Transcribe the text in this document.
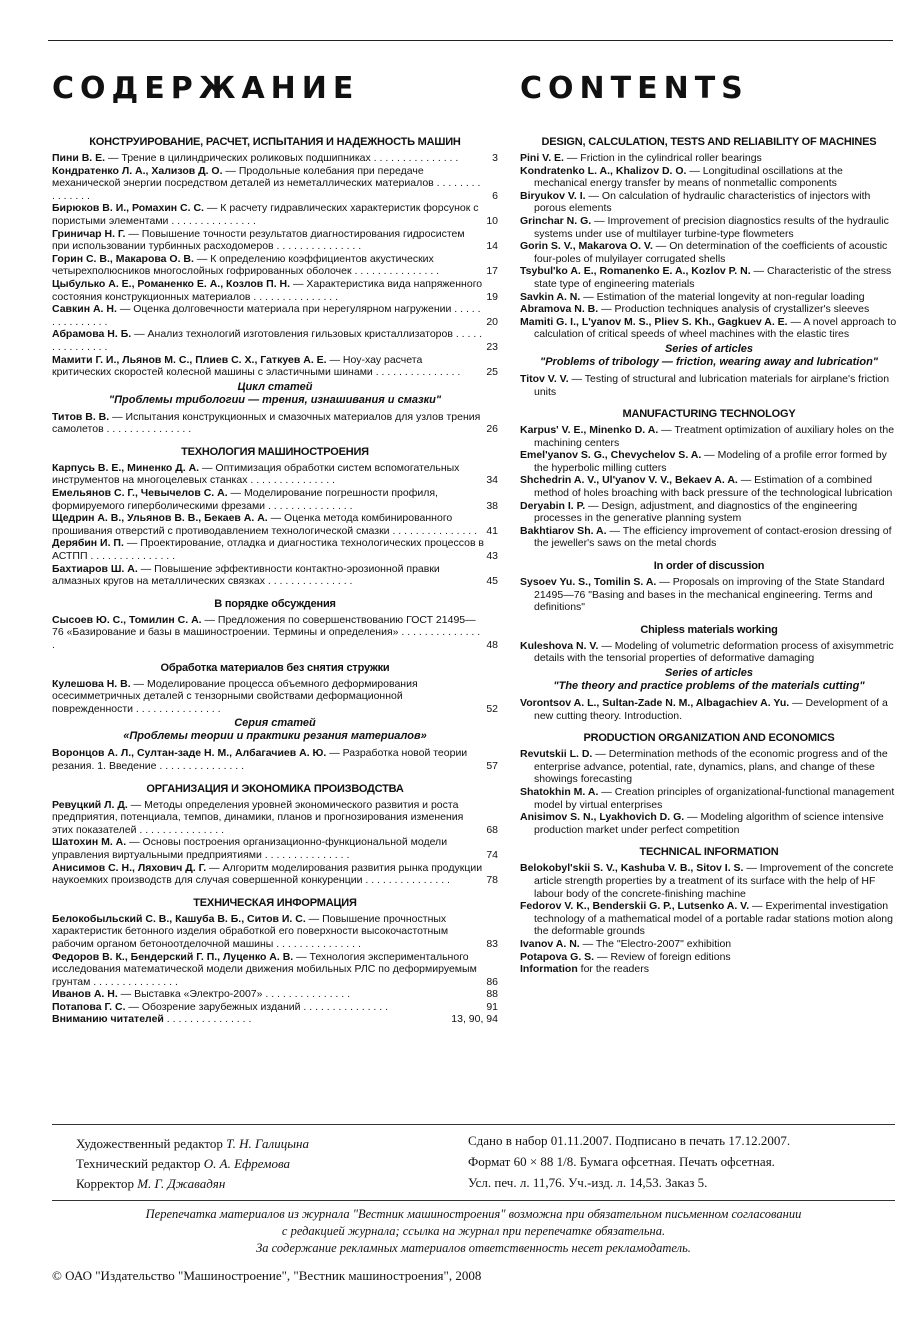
СОДЕРЖАНИЕ
КОНСТРУИРОВАНИЕ, РАСЧЕТ, ИСПЫТАНИЯ И НАДЕЖНОСТЬ МАШИН
Пини В. Е. — Трение в цилиндрических роликовых подшипниках . . . . . . . . . . . . . . .	3
Кондратенко Л. А., Хализов Д. О. — Продольные колебания при передаче механической энергии посредством деталей из неметаллических материалов . . . . . . . . . . . . . . .	6
Бирюков В. И., Ромахин С. С. — К расчету гидравлических характеристик форсунок с пористыми элементами . . . . . . . . . . . . . . .	10
Гриничар Н. Г. — Повышение точности результатов диагностирования гидросистем при использовании турбинных расходомеров . . . . . . . . . . . . . . .	14
Горин С. В., Макарова О. В. — К определению коэффициентов акустических четырехполюсников многослойных гофрированных оболочек . . . . . . . . . . . . . . .	17
Цыбулько А. Е., Романенко Е. А., Козлов П. Н. — Характеристика вида напряженного состояния конструкционных материалов . . . . . . . . . . . . . . .	19
Савкин А. Н. — Оценка долговечности материала при нерегулярном нагружении . . . . . . . . . . . . . . .	20
Абрамова Н. Б. — Анализ технологий изготовления гильзовых кристаллизаторов . . . . . . . . . . . . . . .	23
Мамити Г. И., Льянов М. С., Плиев С. Х., Гаткуев А. Е. — Ноу-хау расчета критических скоростей колесной машины с эластичными шинами . . . . . . . . . . . . . . . 25
Цикл статей
"Проблемы трибологии — трения, изнашивания и смазки"
Титов В. В. — Испытания конструкционных и смазочных материалов для узлов трения самолетов . . . . . . . . . . . . . . .	26
ТЕХНОЛОГИЯ МАШИНОСТРОЕНИЯ
Карпусь В. Е., Миненко Д. А. — Оптимизация обработки систем вспомогательных инструментов на многоцелевых станках . . . . . . . . . . . . . . .	34
Емельянов С. Г., Чевычелов С. А. — Моделирование погрешности профиля, формируемого гиперболическими фрезами . . . . . . . . . . . . . . .	38
Щедрин А. В., Ульянов В. В., Бекаев А. А. — Оценка метода комбинированного прошивания отверстий с противодавлением технологической смазки . . . . . . . . . . . . . . . 41
Дерябин И. П. — Проектирование, отладка и диагностика технологических процессов в АСТПП . . . . . . . . . . . . . . .	43
Бахтиаров Ш. А. — Повышение эффективности контактно-эрозионной правки алмазных кругов на металлических связках . . . . . . . . . . . . . . .	45
В порядке обсуждения
Сысоев Ю. С., Томилин С. А. — Предложения по совершенствованию ГОСТ 21495—76 «Базирование и базы в машиностроении. Термины и определения» . . . . . . . . . . . . . . .	48
Обработка материалов без снятия стружки
Кулешова Н. В. — Моделирование процесса объемного деформирования осесимметричных деталей с тензорными свойствами деформационной поврежденности . . . . . . . . . . . . . . .	52
Серия статей
«Проблемы теории и практики резания материалов»
Воронцов А. Л., Султан-заде Н. М., Албагачиев А. Ю. — Разработка новой теории резания. 1. Введение . . . . . . . . . . . . . . .	57
ОРГАНИЗАЦИЯ И ЭКОНОМИКА ПРОИЗВОДСТВА
Ревуцкий Л. Д. — Методы определения уровней экономического развития и роста предприятия, потенциала, темпов, динамики, планов и прогнозирования изменения этих показателей . . . . . . . . . . . . . . .	68
Шатохин М. А. — Основы построения организационно-функциональной модели управления виртуальными предприятиями . . . . . . . . . . . . . . .	74
Анисимов С. Н., Ляхович Д. Г. — Алгоритм моделирования развития рынка продукции наукоемких производств для случая совершенной конкуренции . . . . . . . . . . . . . . .	78
ТЕХНИЧЕСКАЯ ИНФОРМАЦИЯ
Белокобыльский С. В., Кашуба В. Б., Ситов И. С. — Повышение прочностных характеристик бетонного изделия обработкой его поверхности высокочастотным рабочим органом бетоноотделочной машины . . . . . . . . . . . . . . .	83
Федоров В. К., Бендерский Г. П., Луценко А. В. — Технология экспериментального исследования математической модели движения мобильных РЛС по деформируемым грунтам . . . . . . . . . . . . . . .	86
Иванов А. Н. — Выставка «Электро-2007» . . . . . . . . . . . . . . .	88
Потапова Г. С. — Обозрение зарубежных изданий . . . . . . . . . . . . . . .	91
Вниманию читателей . . . . . . . . . . . . . . .	13, 90, 94
CONTENTS
DESIGN, CALCULATION, TESTS AND RELIABILITY OF MACHINES
Pini V. E. — Friction in the cylindrical roller bearings
Kondratenko L. A., Khalizov D. O. — Longitudinal oscillations at the mechanical energy transfer by means of nonmetallic components
Biryukov V. I. — On calculation of hydraulic characteristics of injectors with porous elements
Grinchar N. G. — Improvement of precision diagnostics results of the hydraulic systems under use of multilayer turbine-type flowmeters
Gorin S. V., Makarova O. V. — On determination of the coefficients of acoustic four-poles of mulyilayer corrugated shells
Tsybul'ko A. E., Romanenko E. A., Kozlov P. N. — Characteristic of the stress state type of engineering materials
Savkin A. N. — Estimation of the material longevity at non-regular loading
Abramova N. B. — Production techniques analysis of crystallizer's sleeves
Mamiti G. I., L'yanov M. S., Pliev S. Kh., Gagkuev A. E. — A novel approach to calculation of critical speeds of wheel machines with the elastic tires
Series of articles
"Problems of tribology — friction, wearing away and lubrication"
Titov V. V. — Testing of structural and lubrication materials for airplane's friction units
MANUFACTURING TECHNOLOGY
Karpus' V. E., Minenko D. A. — Treatment optimization of auxiliary holes on the machining centers
Emel'yanov S. G., Chevychelov S. A. — Modeling of a profile error formed by the hyperbolic milling cutters
Shchedrin A. V., Ul'yanov V. V., Bekaev A. A. — Estimation of a combined method of holes broaching with back pressure of the technological lubrication
Deryabin I. P. — Design, adjustment, and diagnostics of the engineering processes in the generative planning system
Bakhtiarov Sh. A. — The efficiency improvement of contact-erosion dressing of the jeweller's saws on the metal chords
In order of discussion
Sysoev Yu. S., Tomilin S. A. — Proposals on improving of the State Standard 21495—76 "Basing and bases in the mechanical engineering. Terms and definitions"
Chipless materials working
Kuleshova N. V. — Modeling of volumetric deformation process of axisymmetric details with the tensorial properties of deformative damaging
Series of articles
"The theory and practice problems of the materials cutting"
Vorontsov A. L., Sultan-Zade N. M., Albagachiev A. Yu. — Development of a new cutting theory. Introduction.
PRODUCTION ORGANIZATION AND ECONOMICS
Revutskii L. D. — Determination methods of the economic progress and of the enterprise advance, potential, rate, dynamics, plans, and change of these showings forecasting
Shatokhin M. A. — Creation principles of organizational-functional management model by virtual enterprises
Anisimov S. N., Lyakhovich D. G. — Modeling algorithm of science intensive production market under perfect competition
TECHNICAL INFORMATION
Belokobyl'skii S. V., Kashuba V. B., Sitov I. S. — Improvement of the concrete article strength properties by a treatment of its surface with the help of HF labour body of the concrete-finishing machine
Fedorov V. K., Benderskii G. P., Lutsenko A. V. — Experimental investigation technology of a mathematical model of a portable radar stations motion along the deformable grounds
Ivanov A. N. — The "Electro-2007" exhibition
Potapova G. S. — Review of foreign editions
Information for the readers
Художественный редактор Т. Н. Галицына
Технический редактор О. А. Ефремова
Корректор М. Г. Джавадян
Сдано в набор 01.11.2007. Подписано в печать 17.12.2007.
Формат 60 × 88 1/8. Бумага офсетная. Печать офсетная.
Усл. печ. л. 11,76. Уч.-изд. л. 14,53. Заказ 5.
Перепечатка материалов из журнала "Вестник машиностроения" возможна при обязательном письменном согласовании
с редакцией журнала; ссылка на журнал при перепечатке обязательна.
За содержание рекламных материалов ответственность несет рекламодатель.
© ОАО "Издательство "Машиностроение", "Вестник машиностроения", 2008
